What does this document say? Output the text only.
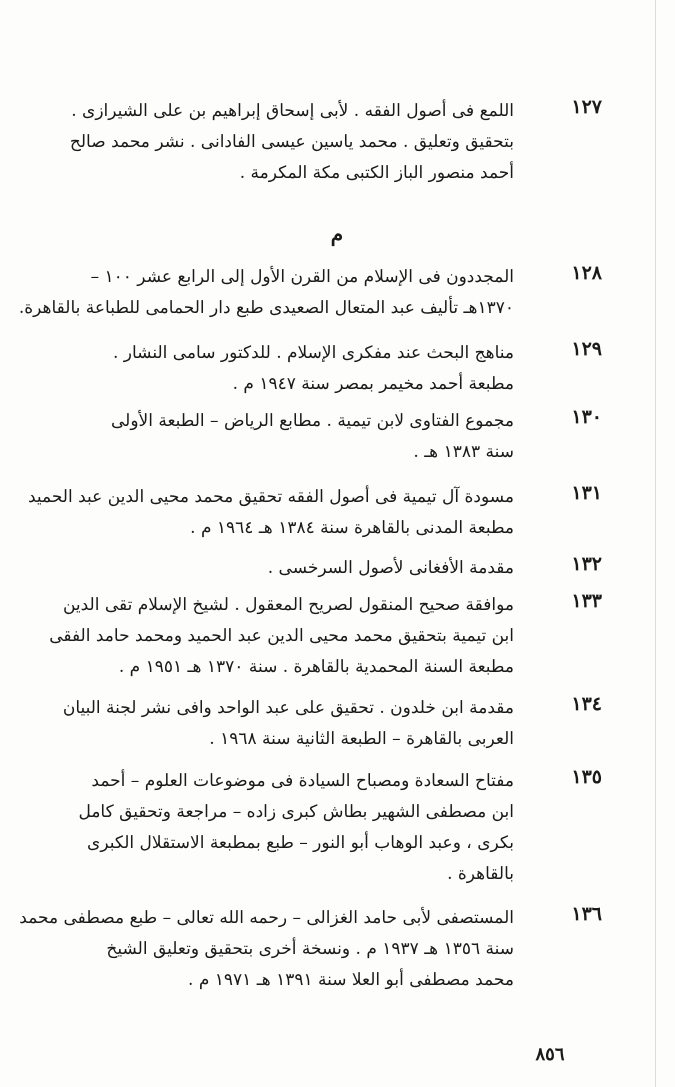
١٢٧
اللمع فى أصول الفقه . لأبى إسحاق إبراهيم بن على الشيرازى .
بتحقيق وتعليق . محمد ياسين عيسى الفادانى . نشر محمد صالح
أحمد منصور الباز الكتبى مكة المكرمة .
م
١٢٨
المجددون فى الإسلام من القرن الأول إلى الرابع عشر ١٠٠ –
١٣٧٠هـ تأليف عبد المتعال الصعيدى طبع دار الحمامى للطباعة بالقاهرة.
١٢٩
مناهج البحث عند مفكرى الإسلام . للدكتور سامى النشار .
مطبعة أحمد مخيمر بمصر سنة ١٩٤٧ م .
١٣٠
مجموع الفتاوى لابن تيمية . مطابع الرياض – الطبعة الأولى
سنة ١٣٨٣ هـ .
١٣١
مسودة آل تيمية فى أصول الفقه تحقيق محمد محيى الدين عبد الحميد
مطبعة المدنى بالقاهرة سنة ١٣٨٤ هـ ١٩٦٤ م .
١٣٢
مقدمة الأفغانى لأصول السرخسى .
١٣٣
موافقة صحيح المنقول لصريح المعقول . لشيخ الإسلام تقى الدين
ابن تيمية بتحقيق محمد محيى الدين عبد الحميد ومحمد حامد الفقى
مطبعة السنة المحمدية بالقاهرة . سنة ١٣٧٠ هـ ١٩٥١ م .
١٣٤
مقدمة ابن خلدون . تحقيق على عبد الواحد وافى نشر لجنة البيان
العربى بالقاهرة – الطبعة الثانية سنة ١٩٦٨ .
١٣٥
مفتاح السعادة ومصباح السيادة فى موضوعات العلوم – أحمد
ابن مصطفى الشهير بطاش كبرى زاده – مراجعة وتحقيق كامل
بكرى ، وعبد الوهاب أبو النور – طبع بمطبعة الاستقلال الكبرى
بالقاهرة .
١٣٦
المستصفى لأبى حامد الغزالى – رحمه الله تعالى – طبع مصطفى محمد
سنة ١٣٥٦ هـ ١٩٣٧ م . ونسخة أخرى بتحقيق وتعليق الشيخ
محمد مصطفى أبو العلا سنة ١٣٩١ هـ ١٩٧١ م .
٨٥٦
